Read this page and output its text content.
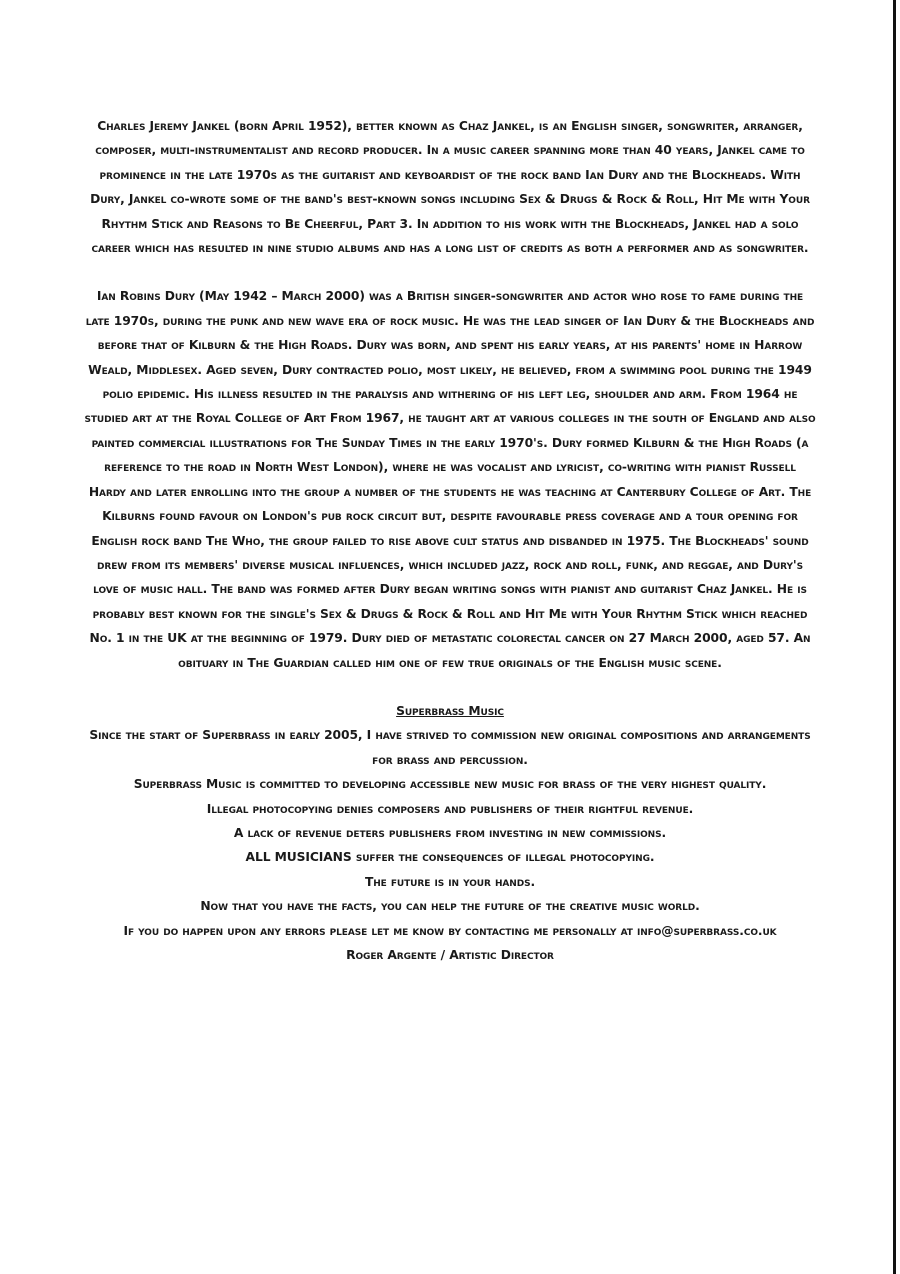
Charles Jeremy Jankel (born April 1952), better known as Chaz Jankel, is an English singer, songwriter, arranger, composer, multi-instrumentalist and record producer. In a music career spanning more than 40 years, Jankel came to prominence in the late 1970s as the guitarist and keyboardist of the rock band Ian Dury and the Blockheads. With Dury, Jankel co-wrote some of the band's best-known songs including Sex & Drugs & Rock & Roll, Hit Me with Your Rhythm Stick and Reasons to Be Cheerful, Part 3. In addition to his work with the Blockheads, Jankel had a solo career which has resulted in nine studio albums and has a long list of credits as both a performer and as songwriter.

Ian Robins Dury (May 1942 – March 2000) was a British singer-songwriter and actor who rose to fame during the late 1970s, during the punk and new wave era of rock music. He was the lead singer of Ian Dury & the Blockheads and before that of Kilburn & the High Roads. Dury was born, and spent his early years, at his parents' home in Harrow Weald, Middlesex. Aged seven, Dury contracted polio, most likely, he believed, from a swimming pool during the 1949 polio epidemic. His illness resulted in the paralysis and withering of his left leg, shoulder and arm. From 1964 he studied art at the Royal College of Art From 1967, he taught art at various colleges in the south of England and also painted commercial illustrations for The Sunday Times in the early 1970's. Dury formed Kilburn & the High Roads (a reference to the road in North West London), where he was vocalist and lyricist, co-writing with pianist Russell Hardy and later enrolling into the group a number of the students he was teaching at Canterbury College of Art. The Kilburns found favour on London's pub rock circuit but, despite favourable press coverage and a tour opening for English rock band The Who, the group failed to rise above cult status and disbanded in 1975. The Blockheads' sound drew from its members' diverse musical influences, which included jazz, rock and roll, funk, and reggae, and Dury's love of music hall. The band was formed after Dury began writing songs with pianist and guitarist Chaz Jankel. He is probably best known for the single's Sex & Drugs & Rock & Roll and Hit Me with Your Rhythm Stick which reached No. 1 in the UK at the beginning of 1979. Dury died of metastatic colorectal cancer on 27 March 2000, aged 57. An obituary in The Guardian called him one of few true originals of the English music scene.

Superbrass Music

Since the start of Superbrass in early 2005, I have strived to commission new original compositions and arrangements for brass and percussion.

Superbrass Music is committed to developing accessible new music for brass of the very highest quality.

Illegal photocopying denies composers and publishers of their rightful revenue.

A lack of revenue deters publishers from investing in new commissions.

ALL MUSICIANS suffer the consequences of illegal photocopying.

The future is in your hands.

Now that you have the facts, you can help the future of the creative music world.

If you do happen upon any errors please let me know by contacting me personally at info@superbrass.co.uk

Roger Argente / Artistic Director
